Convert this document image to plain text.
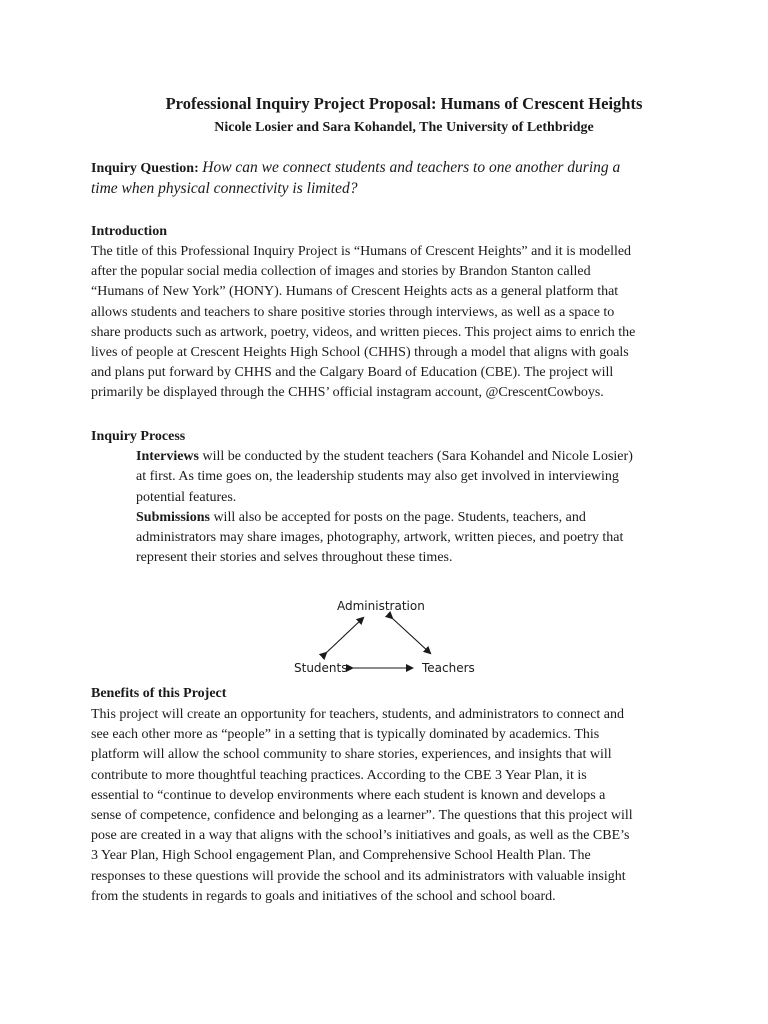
Professional Inquiry Project Proposal: Humans of Crescent Heights
Nicole Losier and Sara Kohandel, The University of Lethbridge
Inquiry Question: How can we connect students and teachers to one another during a
time when physical connectivity is limited?
Introduction
The title of this Professional Inquiry Project is “Humans of Crescent Heights” and it is modelled
after the popular social media collection of images and stories by Brandon Stanton called
“Humans of New York” (HONY). Humans of Crescent Heights acts as a general platform that
allows students and teachers to share positive stories through interviews, as well as a space to
share products such as artwork, poetry, videos, and written pieces. This project aims to enrich the
lives of people at Crescent Heights High School (CHHS) through a model that aligns with goals
and plans put forward by CHHS and the Calgary Board of Education (CBE). The project will
primarily be displayed through the CHHS’ official instagram account, @CrescentCowboys.
Inquiry Process
Interviews will be conducted by the student teachers (Sara Kohandel and Nicole Losier)
at first. As time goes on, the leadership students may also get involved in interviewing
potential features.
Submissions will also be accepted for posts on the page. Students, teachers, and
administrators may share images, photography, artwork, written pieces, and poetry that
represent their stories and selves throughout these times.
Administration
Students	Teachers
Benefits of this Project
This project will create an opportunity for teachers, students, and administrators to connect and
see each other more as “people” in a setting that is typically dominated by academics. This
platform will allow the school community to share stories, experiences, and insights that will
contribute to more thoughtful teaching practices. According to the CBE 3 Year Plan, it is
essential to “continue to develop environments where each student is known and develops a
sense of competence, confidence and belonging as a learner”. The questions that this project will
pose are created in a way that aligns with the school’s initiatives and goals, as well as the CBE’s
3 Year Plan, High School engagement Plan, and Comprehensive School Health Plan. The
responses to these questions will provide the school and its administrators with valuable insight
from the students in regards to goals and initiatives of the school and school board.
